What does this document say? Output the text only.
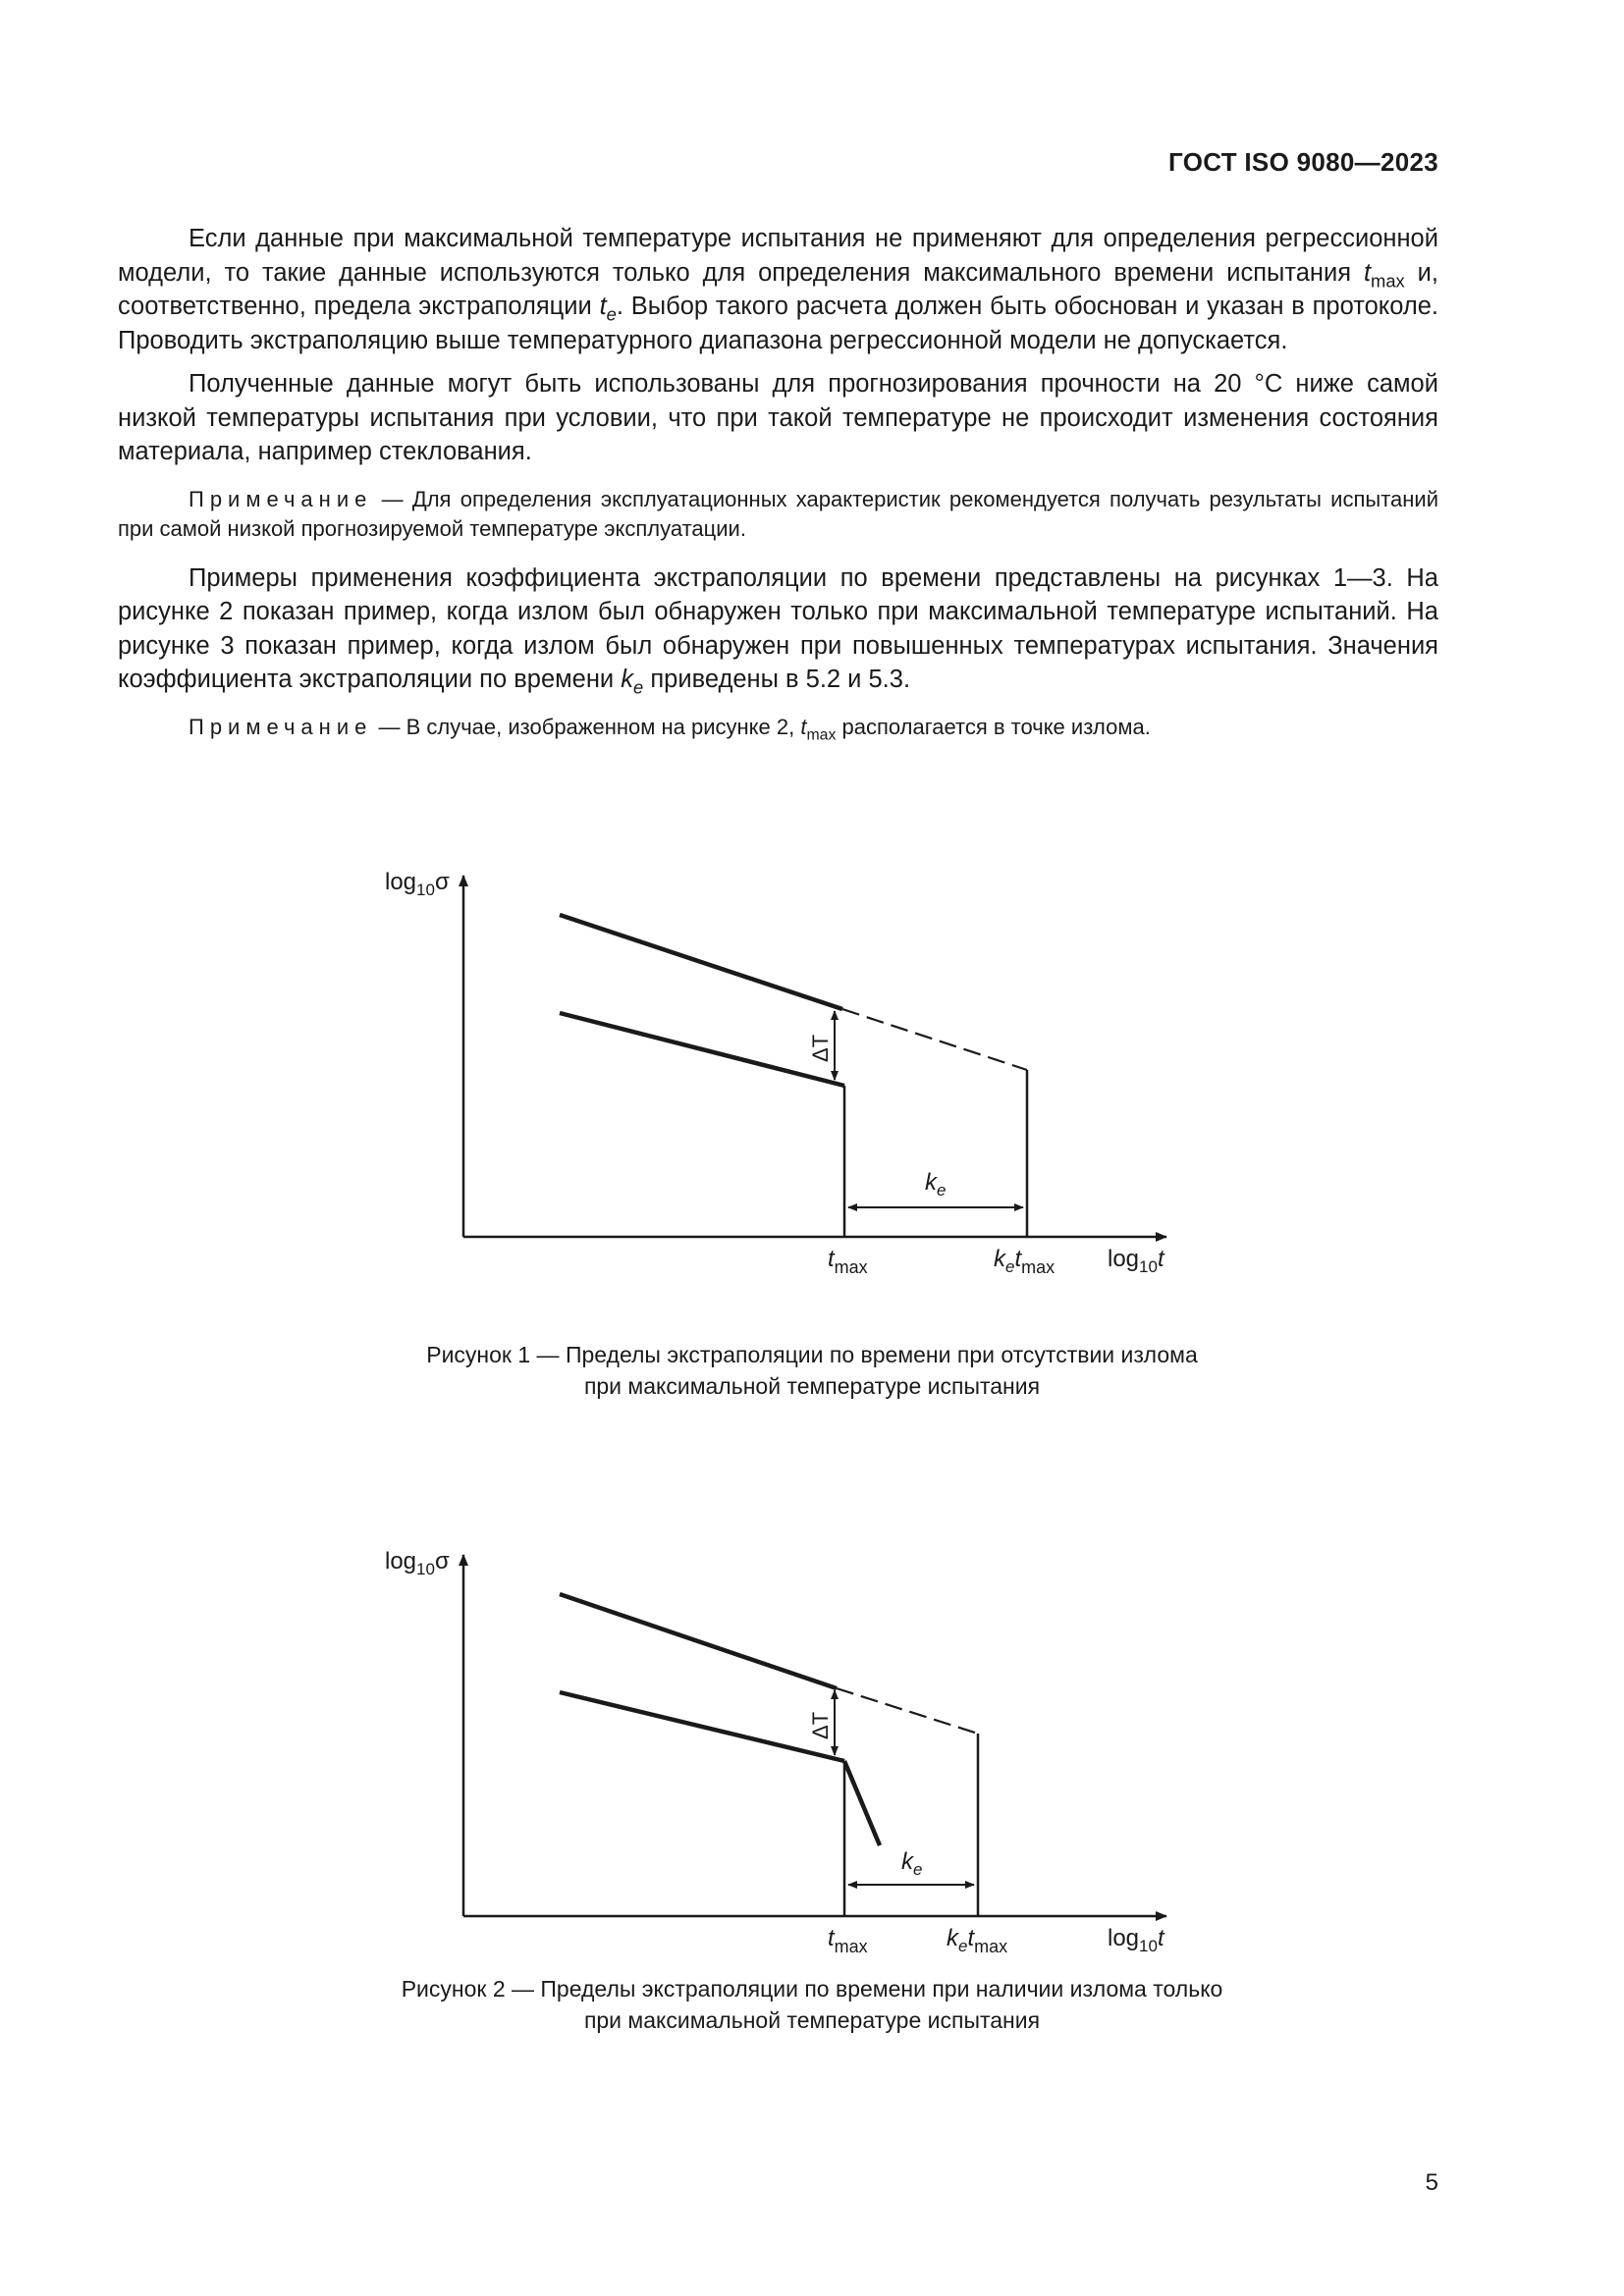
ГОСТ ISO 9080—2023

Если данные при максимальной температуре испытания не применяют для определения регрессионной модели, то такие данные используются только для определения максимального времени испытания $t_{max}$ и, соответственно, предела экстраполяции $t_e$. Выбор такого расчета должен быть обоснован и указан в протоколе. Проводить экстраполяцию выше температурного диапазона регрессионной модели не допускается.

Полученные данные могут быть использованы для прогнозирования прочности на 20 °C ниже самой низкой температуры испытания при условии, что при такой температуре не происходит изменения состояния материала, например стеклования.

Примечание — Для определения эксплуатационных характеристик рекомендуется получать результаты испытаний при самой низкой прогнозируемой температуре эксплуатации.

Примеры применения коэффициента экстраполяции по времени представлены на рисунках 1—3. На рисунке 2 показан пример, когда излом был обнаружен только при максимальной температуре испытаний. На рисунке 3 показан пример, когда излом был обнаружен при повышенных температурах испытания. Значения коэффициента экстраполяции по времени $k_e$ приведены в 5.2 и 5.3.

Примечание — В случае, изображенном на рисунке 2, $t_{max}$ располагается в точке излома.

$\log_{10}\sigma$
$\log_{10}t$
ΔT
$k_e$
$t_{max}$	$k_et_{max}$
Рисунок 1 — Пределы экстраполяции по времени при отсутствии излома
при максимальной температуре испытания
$\log_{10}\sigma$
$\log_{10}t$
ΔT
$k_e$
$t_{max}$	$k_et_{max}$
Рисунок 2 — Пределы экстраполяции по времени при наличии излома только
при максимальной температуре испытания
5
